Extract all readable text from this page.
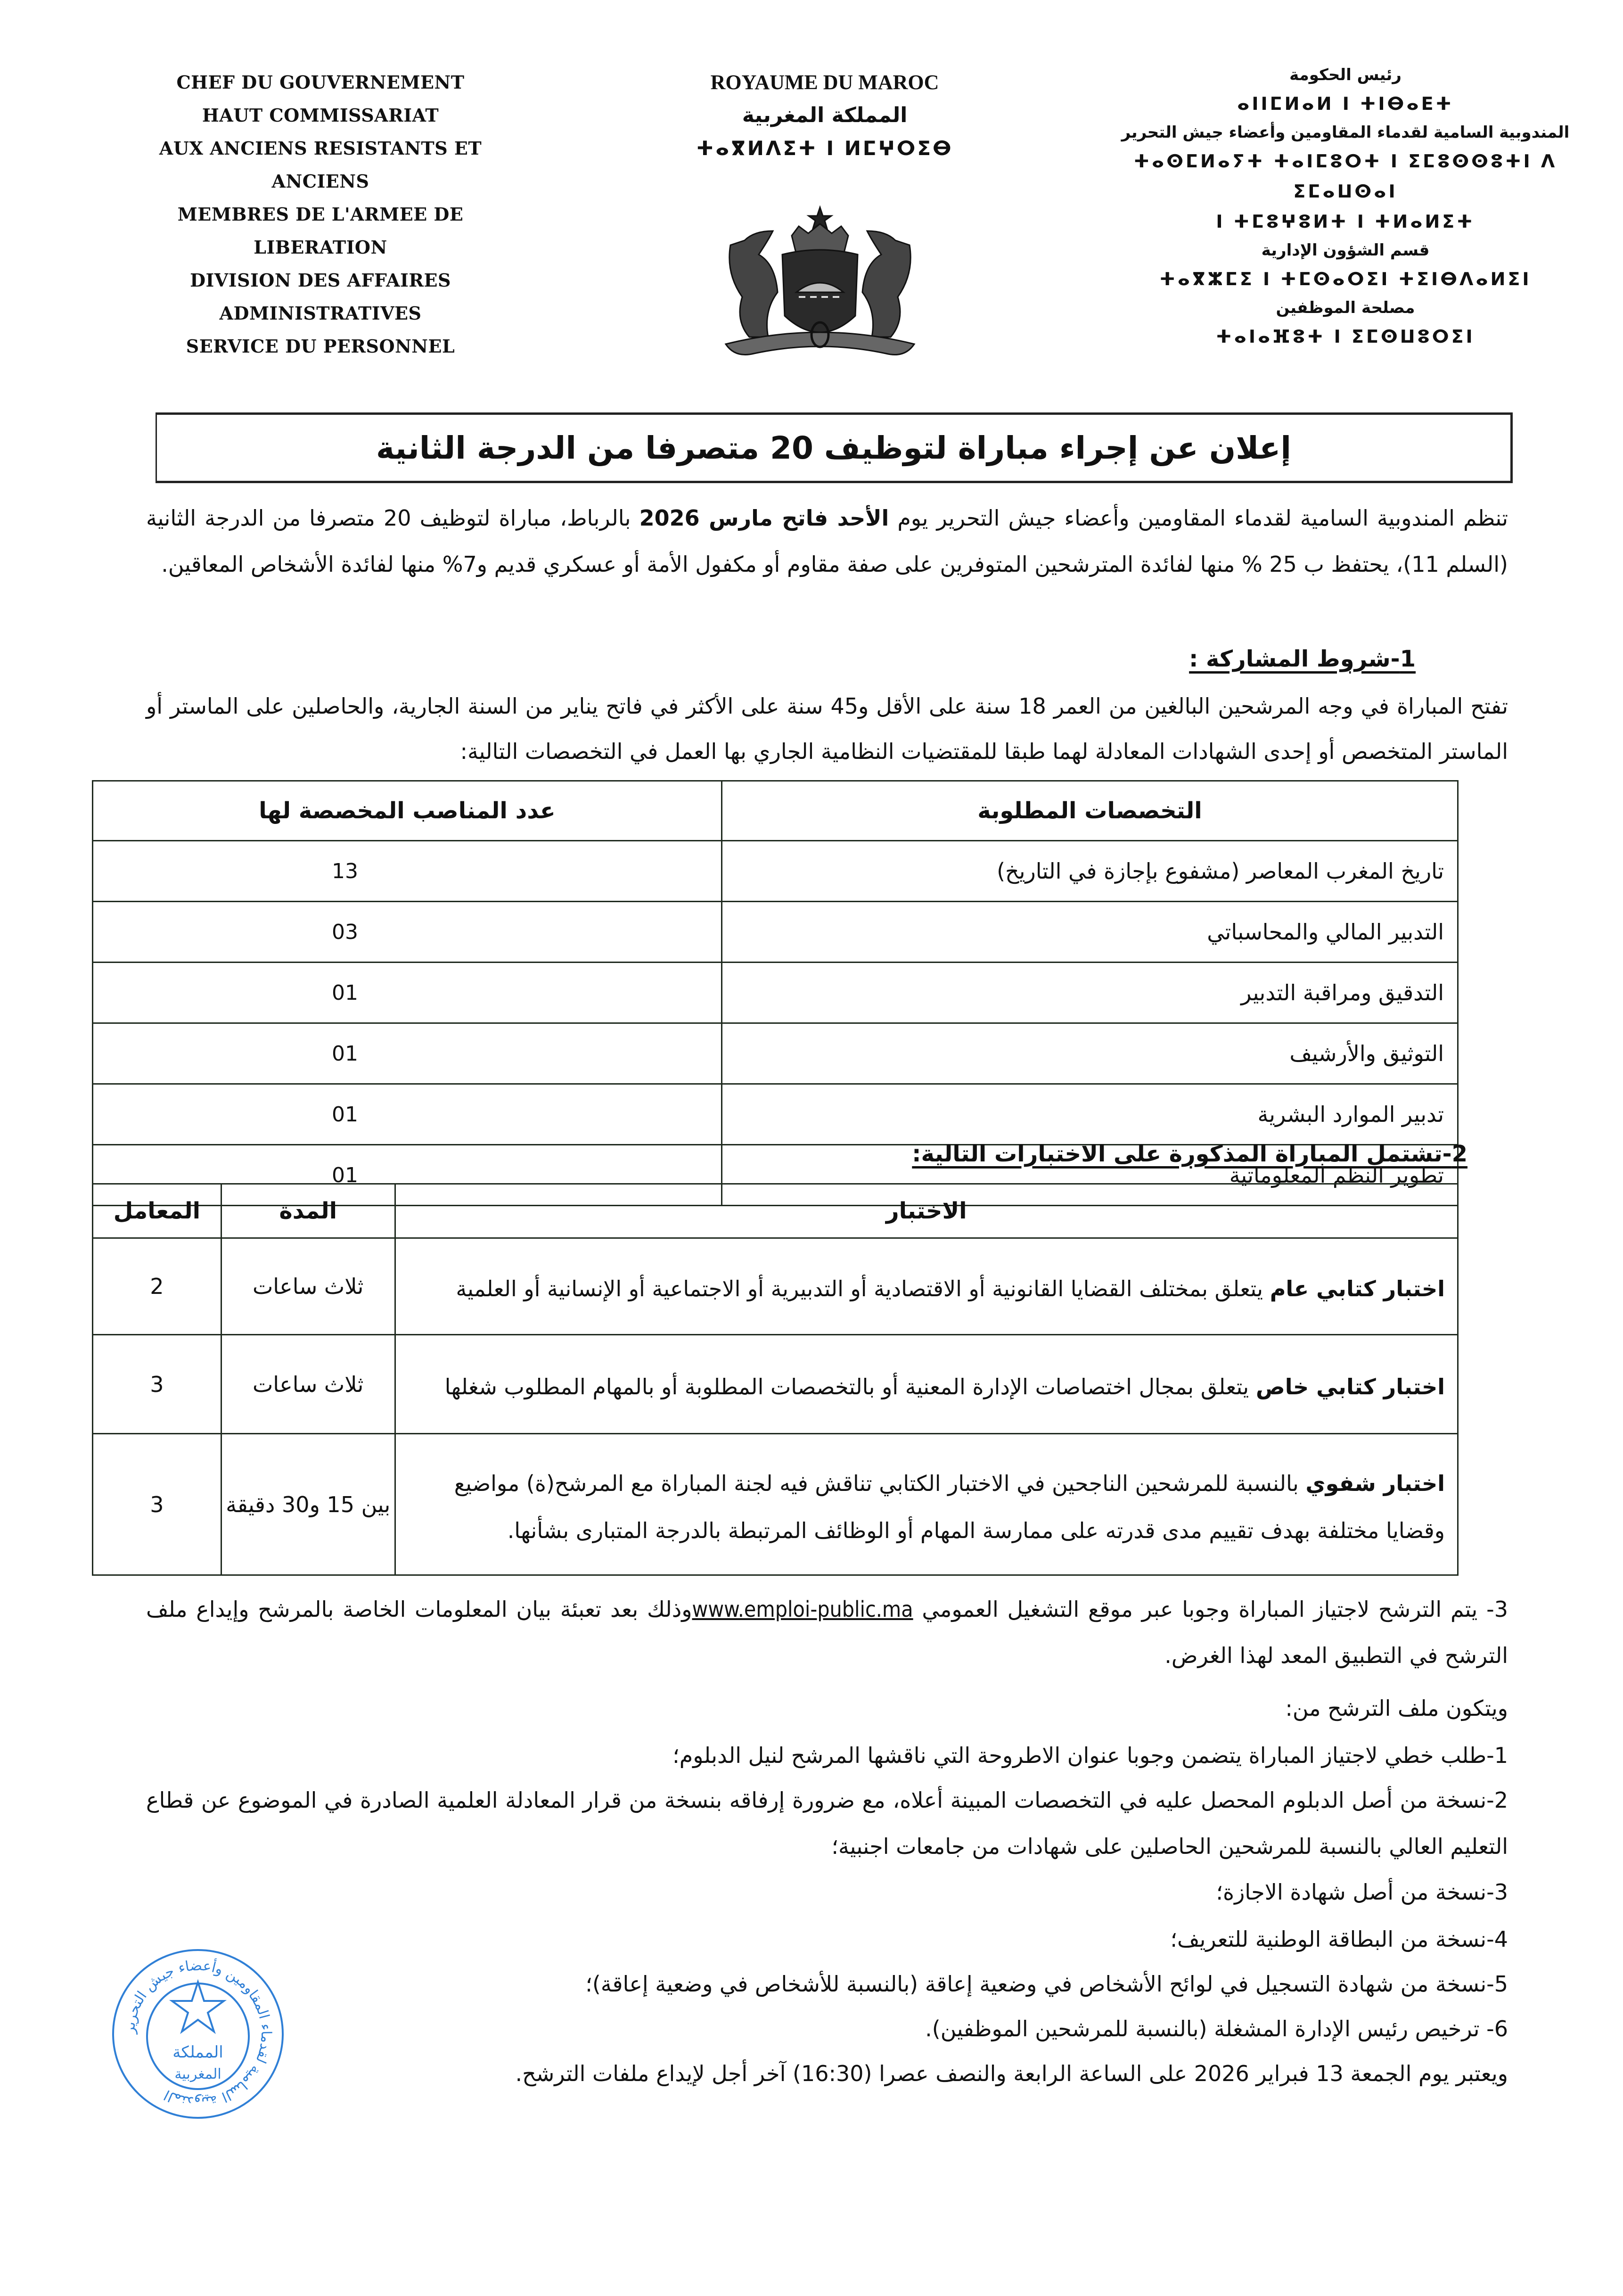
CHEF DU GOUVERNEMENT
HAUT COMMISSARIAT
AUX ANCIENS RESISTANTS ET ANCIENS
MEMBRES DE L'ARMEE DE LIBERATION
DIVISION DES AFFAIRES ADMINISTRATIVES
SERVICE DU PERSONNEL
ROYAUME DU MAROC
المملكة المغربية
ⵜⴰⴳⵍⴷⵉⵜ ⵏ ⵍⵎⵖⵔⵉⴱ
رئيس الحكومة
ⴰⵏⵏⵎⵍⴰⵍ ⵏ ⵜⵏⴱⴰⴹⵜ
المندوبية السامية لقدماء المقاومين وأعضاء جيش التحرير
ⵜⴰⵙⵎⵍⴰⵢⵜ ⵜⴰⵏⵎⵓⵔⵜ ⵏ ⵉⵎⵓⵙⵙⵓⵜⵏ ⴷ ⵉⵎⴰⵡⵙⴰⵏ
ⵏ ⵜⵎⵓⵖⵓⵍⵜ ⵏ ⵜⵍⴰⵍⵉⵜ
قسم الشؤون الإدارية
ⵜⴰⴳⵣⵎⵉ ⵏ ⵜⵎⵙⴰⵔⵉⵏ ⵜⵉⵏⴱⴷⴰⵍⵉⵏ
مصلحة الموظفين
ⵜⴰⵏⴰⴼⵓⵜ ⵏ ⵉⵎⵙⵡⵓⵔⵉⵏ
إعلان عن إجراء مباراة لتوظيف 20 متصرفا من الدرجة الثانية
تنظم المندوبية السامية لقدماء المقاومين وأعضاء جيش التحرير يوم الأحد فاتح مارس 2026 بالرباط، مباراة لتوظيف 20 متصرفا من الدرجة الثانية (السلم 11)، يحتفظ ب 25 % منها لفائدة المترشحين المتوفرين على صفة مقاوم أو مكفول الأمة أو عسكري قديم و7% منها لفائدة الأشخاص المعاقين.
1-شروط المشاركة :
تفتح المباراة في وجه المرشحين البالغين من العمر 18 سنة على الأقل و45 سنة على الأكثر في فاتح يناير من السنة الجارية، والحاصلين على الماستر أو الماستر المتخصص أو إحدى الشهادات المعادلة لهما طبقا للمقتضيات النظامية الجاري بها العمل في التخصصات التالية:
التخصصات المطلوبة	عدد المناصب المخصصة لها
تاريخ المغرب المعاصر (مشفوع بإجازة في التاريخ)	13
التدبير المالي والمحاسباتي	03
التدقيق ومراقبة التدبير	01
التوثيق والأرشيف	01
تدبير الموارد البشرية	01
تطوير النظم المعلوماتية	01
2-تشتمل المباراة المذكورة على الاختبارات التالية:
الاختبار	المدة	المعامل
اختبار كتابي عام يتعلق بمختلف القضايا القانونية أو الاقتصادية أو التدبيرية أو الاجتماعية أو الإنسانية أو العلمية	ثلاث ساعات	2
اختبار كتابي خاص يتعلق بمجال اختصاصات الإدارة المعنية أو بالتخصصات المطلوبة أو بالمهام المطلوب شغلها	ثلاث ساعات	3
اختبار شفوي بالنسبة للمرشحين الناجحين في الاختبار الكتابي تناقش فيه لجنة المباراة مع المرشح(ة) مواضيع وقضايا مختلفة بهدف تقييم مدى قدرته على ممارسة المهام أو الوظائف المرتبطة بالدرجة المتبارى بشأنها.	بين 15 و30 دقيقة	3
3- يتم الترشح لاجتياز المباراة وجوبا عبر موقع التشغيل العمومي www.emploi-public.maوذلك بعد تعبئة بيان المعلومات الخاصة بالمرشح وإيداع ملف الترشح في التطبيق المعد لهذا الغرض.
ويتكون ملف الترشح من:
1-طلب خطي لاجتياز المباراة يتضمن وجوبا عنوان الاطروحة التي ناقشها المرشح لنيل الدبلوم؛
2-نسخة من أصل الدبلوم المحصل عليه في التخصصات المبينة أعلاه، مع ضرورة إرفاقه بنسخة من قرار المعادلة العلمية الصادرة في الموضوع عن قطاع التعليم العالي بالنسبة للمرشحين الحاصلين على شهادات من جامعات اجنبية؛
3-نسخة من أصل شهادة الاجازة؛
4-نسخة من البطاقة الوطنية للتعريف؛
5-نسخة من شهادة التسجيل في لوائح الأشخاص في وضعية إعاقة (بالنسبة للأشخاص في وضعية إعاقة)؛
6- ترخيص رئيس الإدارة المشغلة (بالنسبة للمرشحين الموظفين).
ويعتبر يوم الجمعة 13 فبراير 2026 على الساعة الرابعة والنصف عصرا (16:30) آخر أجل لإيداع ملفات الترشح.
المندوبية السامية لقدماء المقاومين وأعضاء جيش التحرير
المملكة
المغربية
